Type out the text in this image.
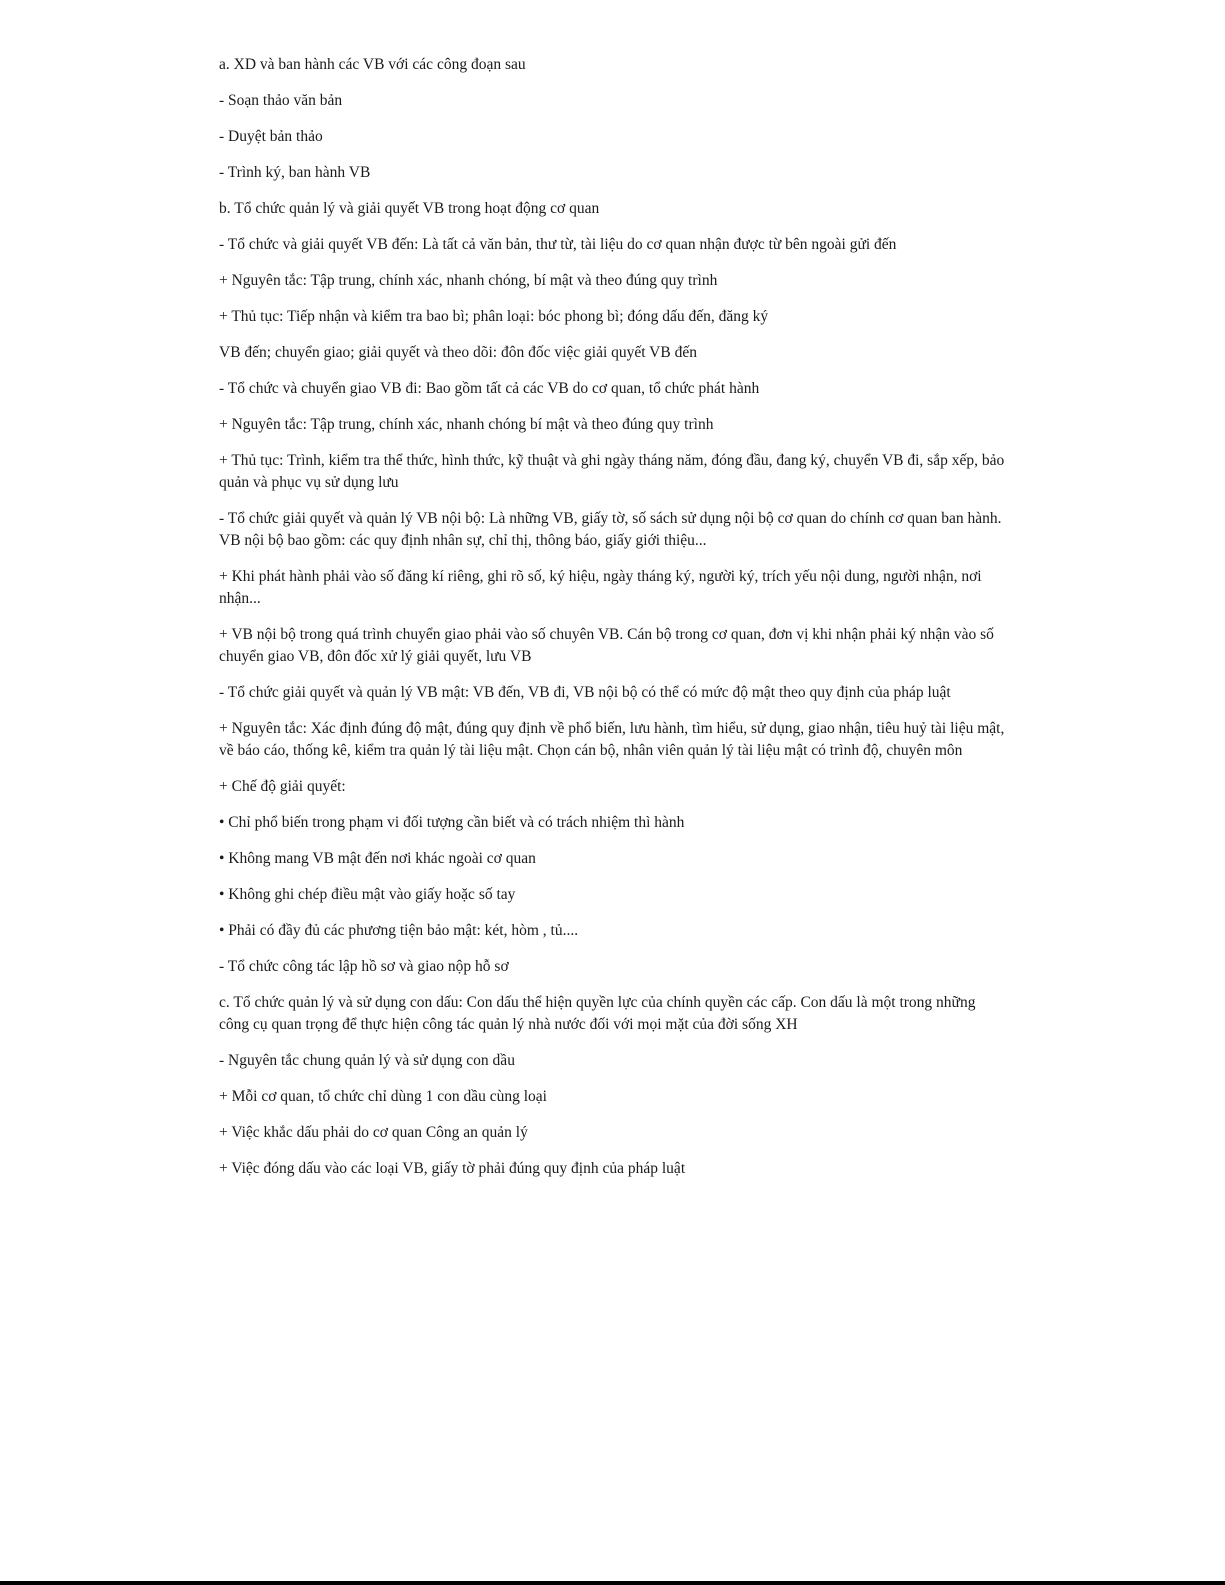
a. XD và ban hành các VB với các công đoạn sau

- Soạn thảo văn bản

- Duyệt bản thảo

- Trình ký, ban hành VB

b. Tổ chức quản lý và giải quyết VB trong hoạt động cơ quan

- Tổ chức và giải quyết VB đến: Là tất cả văn bản, thư từ, tài liệu do cơ quan nhận được từ bên ngoài gửi đến

+ Nguyên tắc: Tập trung, chính xác, nhanh chóng, bí mật và theo đúng quy trình

+ Thủ tục: Tiếp nhận và kiểm tra bao bì; phân loại: bóc phong bì; đóng dấu đến, đăng ký

VB đến; chuyển giao; giải quyết và theo dõi: đôn đốc việc giải quyết VB đến

- Tổ chức và chuyển giao VB đi: Bao gồm tất cả các VB do cơ quan, tổ chức phát hành

+ Nguyên tắc: Tập trung, chính xác, nhanh chóng bí mật và theo đúng quy trình

+ Thủ tục: Trình, kiểm tra thể thức, hình thức, kỹ thuật và ghi ngày tháng năm, đóng đầu, đang ký, chuyển VB đi, sắp xếp, bảo quản và phục vụ sử dụng lưu

- Tổ chức giải quyết và quản lý VB nội bộ: Là những VB, giấy tờ, số sách sử dụng nội bộ cơ quan do chính cơ quan ban hành. VB nội bộ bao gồm: các quy định nhân sự, chỉ thị, thông báo, giấy giới thiệu...

+ Khi phát hành phải vào số đăng kí riêng, ghi rõ số, ký hiệu, ngày tháng ký, người ký, trích yếu nội dung, người nhận, nơi nhận...

+ VB nội bộ trong quá trình chuyển giao phải vào số chuyên VB. Cán bộ trong cơ quan, đơn vị khi nhận phải ký nhận vào số chuyển giao VB, đôn đốc xử lý giải quyết, lưu VB

- Tổ chức giải quyết và quản lý VB mật: VB đến, VB đi, VB nội bộ có thể có mức độ mật theo quy định của pháp luật

+ Nguyên tắc: Xác định đúng độ mật, đúng quy định về phổ biến, lưu hành, tìm hiểu, sử dụng, giao nhận, tiêu huỷ tài liệu mật, về báo cáo, thống kê, kiểm tra quản lý tài liệu mật. Chọn cán bộ, nhân viên quản lý tài liệu mật có trình độ, chuyên môn

+ Chế độ giải quyết:

• Chỉ phổ biến trong phạm vi đối tượng cần biết và có trách nhiệm thì hành

• Không mang VB mật đến nơi khác ngoài cơ quan

• Không ghi chép điều mật vào giấy hoặc số tay

• Phải có đầy đủ các phương tiện bảo mật: két, hòm , tủ....

- Tổ chức công tác lập hồ sơ và giao nộp hỗ sơ

c. Tổ chức quản lý và sử dụng con dấu: Con dấu thể hiện quyền lực của chính quyền các cấp. Con dấu là một trong những công cụ quan trọng để thực hiện công tác quản lý nhà nước đối với mọi mặt của đời sống XH

- Nguyên tắc chung quản lý và sử dụng con dầu

+ Mỗi cơ quan, tổ chức chỉ dùng 1 con dầu cùng loại

+ Việc khắc dấu phải do cơ quan Công an quản lý

+ Việc đóng dấu vào các loại VB, giấy tờ phải đúng quy định của pháp luật
